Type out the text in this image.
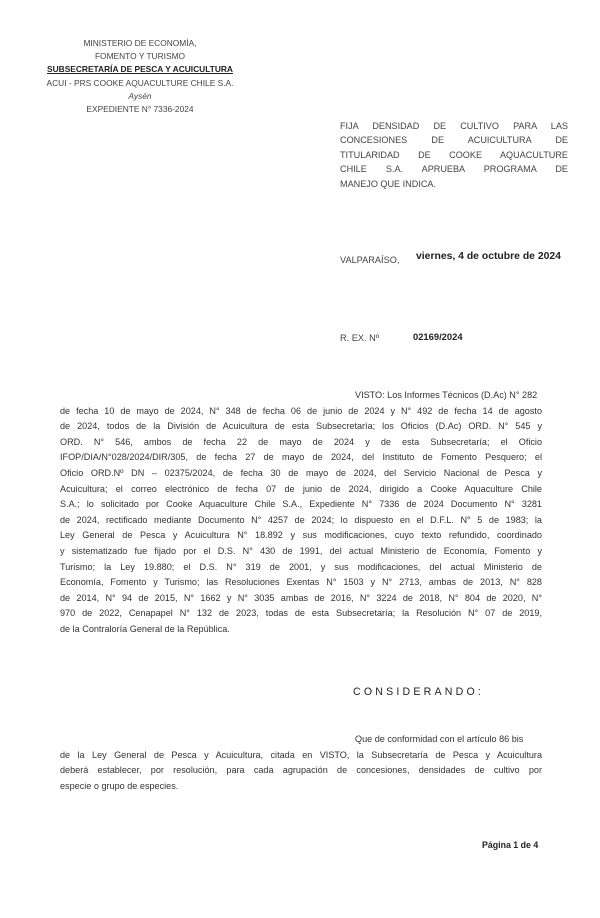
MINISTERIO DE ECONOMÍA,
FOMENTO Y TURISMO
SUBSECRETARÍA DE PESCA Y ACUICULTURA
ACUI - PRS COOKE AQUACULTURE CHILE S.A.
Aysén
EXPEDIENTE N° 7336-2024
FIJA DENSIDAD DE CULTIVO PARA LAS
CONCESIONES DE ACUICULTURA DE
TITULARIDAD DE COOKE AQUACULTURE
CHILE S.A. APRUEBA PROGRAMA DE
MANEJO QUE INDICA.
VALPARAÍSO, viernes, 4 de octubre de 2024
R. EX. Nº	02169/2024
VISTO: Los Informes Técnicos (D.Ac) N° 282
de fecha 10 de mayo de 2024, N° 348 de fecha 06 de junio de 2024 y N° 492 de fecha 14 de agosto
de 2024, todos de la División de Acuicultura de esta Subsecretaría; los Oficios (D.Ac) ORD. N° 545 y
ORD. N° 546, ambos de fecha 22 de mayo de 2024 y de esta Subsecretaría; el Oficio
IFOP/DIA/N°028/2024/DIR/305, de fecha 27 de mayo de 2024, del Instituto de Fomento Pesquero; el
Oficio ORD.Nº DN – 02375/2024, de fecha 30 de mayo de 2024, del Servicio Nacional de Pesca y
Acuicultura; el correo electrónico de fecha 07 de junio de 2024, dirigido a Cooke Aquaculture Chile
S.A.; lo solicitado por Cooke Aquaculture Chile S.A., Expediente N° 7336 de 2024 Documento N° 3281
de 2024, rectificado mediante Documento N° 4257 de 2024; lo dispuesto en el D.F.L. N° 5 de 1983; la
Ley General de Pesca y Acuicultura N° 18.892 y sus modificaciones, cuyo texto refundido, coordinado
y sistematizado fue fijado por el D.S. N° 430 de 1991, del actual Ministerio de Economía, Fomento y
Turismo; la Ley 19.880; el D.S. N° 319 de 2001, y sus modificaciones, del actual Ministerio de
Economía, Fomento y Turismo; las Resoluciones Exentas N° 1503 y N° 2713, ambas de 2013, N° 828
de 2014, N° 94 de 2015, N° 1662 y N° 3035 ambas de 2016, N° 3224 de 2018, N° 804 de 2020, N°
970 de 2022, Cenapapel N° 132 de 2023, todas de esta Subsecretaría; la Resolución N° 07 de 2019,
de la Contraloría General de la República.
CONSIDERANDO:
Que de conformidad con el artículo 86 bis
de la Ley General de Pesca y Acuicultura, citada en VISTO, la Subsecretaría de Pesca y Acuicultura
deberá establecer, por resolución, para cada agrupación de concesiones, densidades de cultivo por
especie o grupo de especies.
Página 1 de 4
